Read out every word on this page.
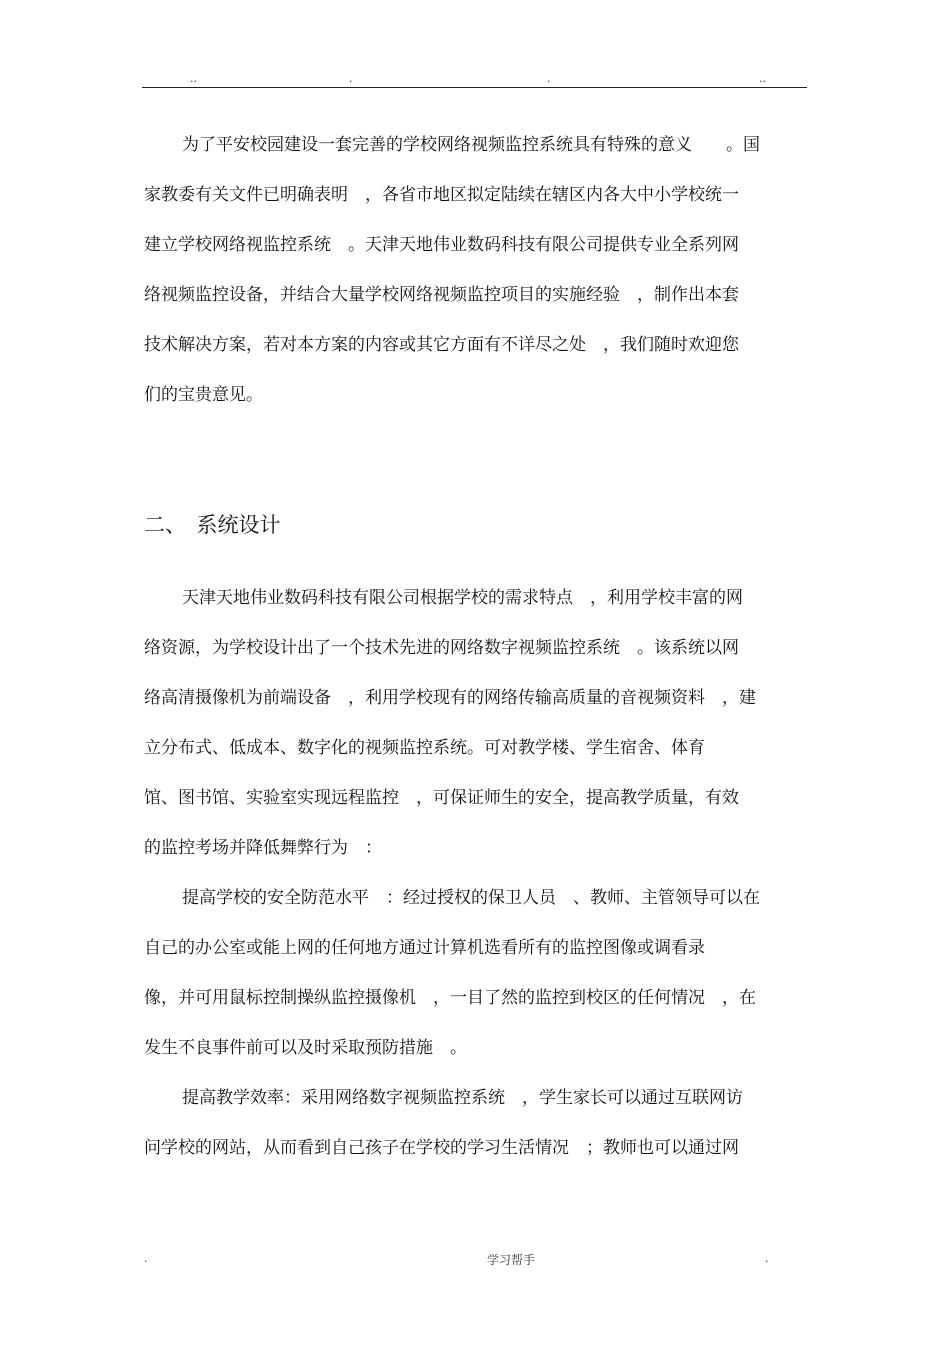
..	.	.	..
为了平安校园建设一套完善的学校网络视频监控系统具有特殊的意义　　。国
家教委有关文件已明确表明　，各省市地区拟定陆续在辖区内各大中小学校统一
建立学校网络视监控系统　。天津天地伟业数码科技有限公司提供专业全系列网
络视频监控设备，并结合大量学校网络视频监控项目的实施经验　，制作出本套
技术解决方案，若对本方案的内容或其它方面有不详尽之处　，我们随时欢迎您
们的宝贵意见。
二、　系统设计
天津天地伟业数码科技有限公司根据学校的需求特点　，利用学校丰富的网
络资源，为学校设计出了一个技术先进的网络数字视频监控系统　。该系统以网
络高清摄像机为前端设备　，利用学校现有的网络传输高质量的音视频资料　，建
立分布式、低成本、数字化的视频监控系统。可对教学楼、学生宿舍、体育
馆、图书馆、实验室实现远程监控　，可保证师生的安全，提高教学质量，有效
的监控考场并降低舞弊行为　：
提高学校的安全防范水平　：经过授权的保卫人员　、教师、主管领导可以在
自己的办公室或能上网的任何地方通过计算机选看所有的监控图像或调看录
像，并可用鼠标控制操纵监控摄像机　，一目了然的监控到校区的任何情况　，在
发生不良事件前可以及时采取预防措施　。
提高教学效率：采用网络数字视频监控系统　，学生家长可以通过互联网访
问学校的网站，从而看到自己孩子在学校的学习生活情况　；教师也可以通过网
.	学习帮手	.
